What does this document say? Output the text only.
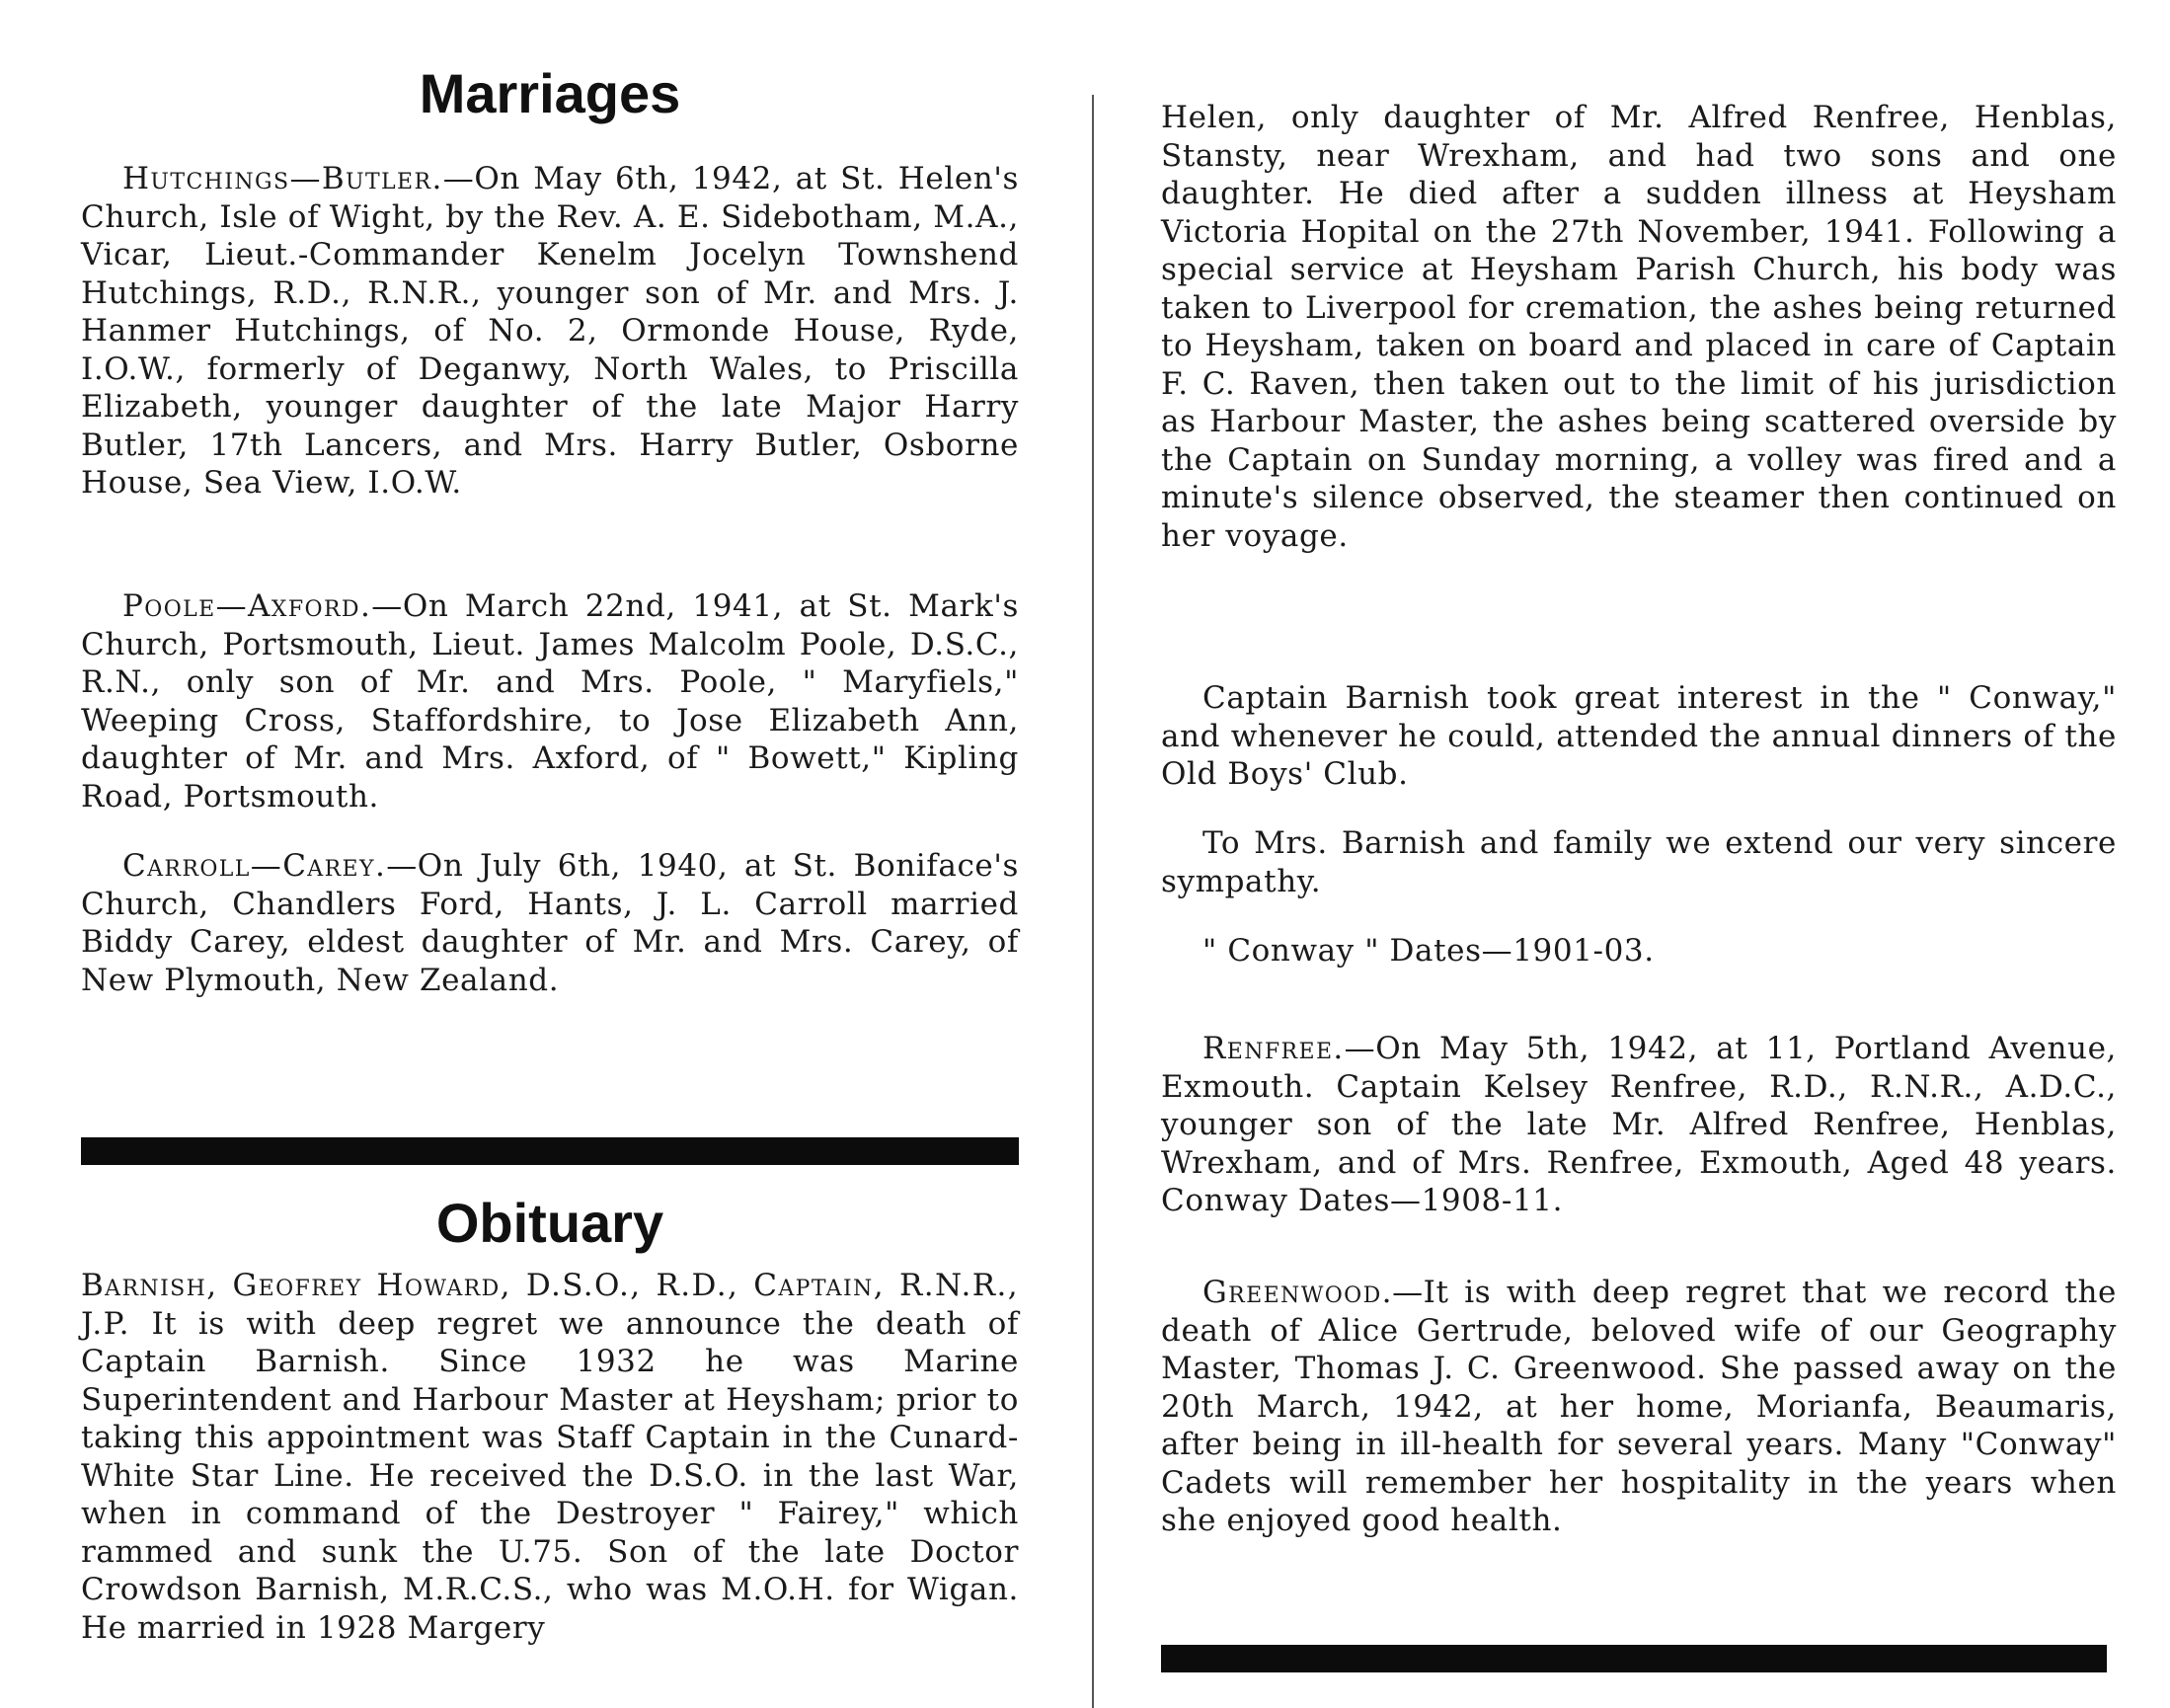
Marriages

Hutchings—Butler.—On May 6th, 1942, at St. Helen's Church, Isle of Wight, by the Rev. A. E. Sidebotham, M.A., Vicar, Lieut.-Commander Kenelm Jocelyn Townshend Hutchings, R.D., R.N.R., younger son of Mr. and Mrs. J. Hanmer Hutchings, of No. 2, Ormonde House, Ryde, I.O.W., formerly of Deganwy, North Wales, to Priscilla Elizabeth, younger daughter of the late Major Harry Butler, 17th Lancers, and Mrs. Harry Butler, Osborne House, Sea View, I.O.W.

Poole—Axford.—On March 22nd, 1941, at St. Mark's Church, Portsmouth, Lieut. James Malcolm Poole, D.S.C., R.N., only son of Mr. and Mrs. Poole, " Maryfiels," Weeping Cross, Staffordshire, to Jose Elizabeth Ann, daughter of Mr. and Mrs. Axford, of " Bowett," Kipling Road, Portsmouth.

Carroll—Carey.—On July 6th, 1940, at St. Boniface's Church, Chandlers Ford, Hants, J. L. Carroll married Biddy Carey, eldest daughter of Mr. and Mrs. Carey, of New Plymouth, New Zealand.

Obituary

Barnish, Geofrey Howard, D.S.O., R.D., Captain, R.N.R., J.P. It is with deep regret we announce the death of Captain Barnish. Since 1932 he was Marine Superintendent and Harbour Master at Heysham; prior to taking this appointment was Staff Captain in the Cunard-White Star Line. He received the D.S.O. in the last War, when in command of the Destroyer " Fairey," which rammed and sunk the U.75. Son of the late Doctor Crowdson Barnish, M.R.C.S., who was M.O.H. for Wigan. He married in 1928 Margery

Helen, only daughter of Mr. Alfred Renfree, Henblas, Stansty, near Wrexham, and had two sons and one daughter. He died after a sudden illness at Heysham Victoria Hopital on the 27th November, 1941. Following a special service at Heysham Parish Church, his body was taken to Liverpool for cremation, the ashes being returned to Heysham, taken on board and placed in care of Captain F. C. Raven, then taken out to the limit of his jurisdiction as Harbour Master, the ashes being scattered overside by the Captain on Sunday morning, a volley was fired and a minute's silence observed, the steamer then continued on her voyage.

Captain Barnish took great interest in the " Conway," and whenever he could, attended the annual dinners of the Old Boys' Club.

To Mrs. Barnish and family we extend our very sincere sympathy.

" Conway " Dates—1901-03.

Renfree.—On May 5th, 1942, at 11, Portland Avenue, Exmouth. Captain Kelsey Renfree, R.D., R.N.R., A.D.C., younger son of the late Mr. Alfred Renfree, Henblas, Wrexham, and of Mrs. Renfree, Exmouth, Aged 48 years. Conway Dates—1908-11.

Greenwood.—It is with deep regret that we record the death of Alice Gertrude, beloved wife of our Geography Master, Thomas J. C. Greenwood. She passed away on the 20th March, 1942, at her home, Morianfa, Beaumaris, after being in ill-health for several years. Many "Conway" Cadets will remember her hospitality in the years when she enjoyed good health.
